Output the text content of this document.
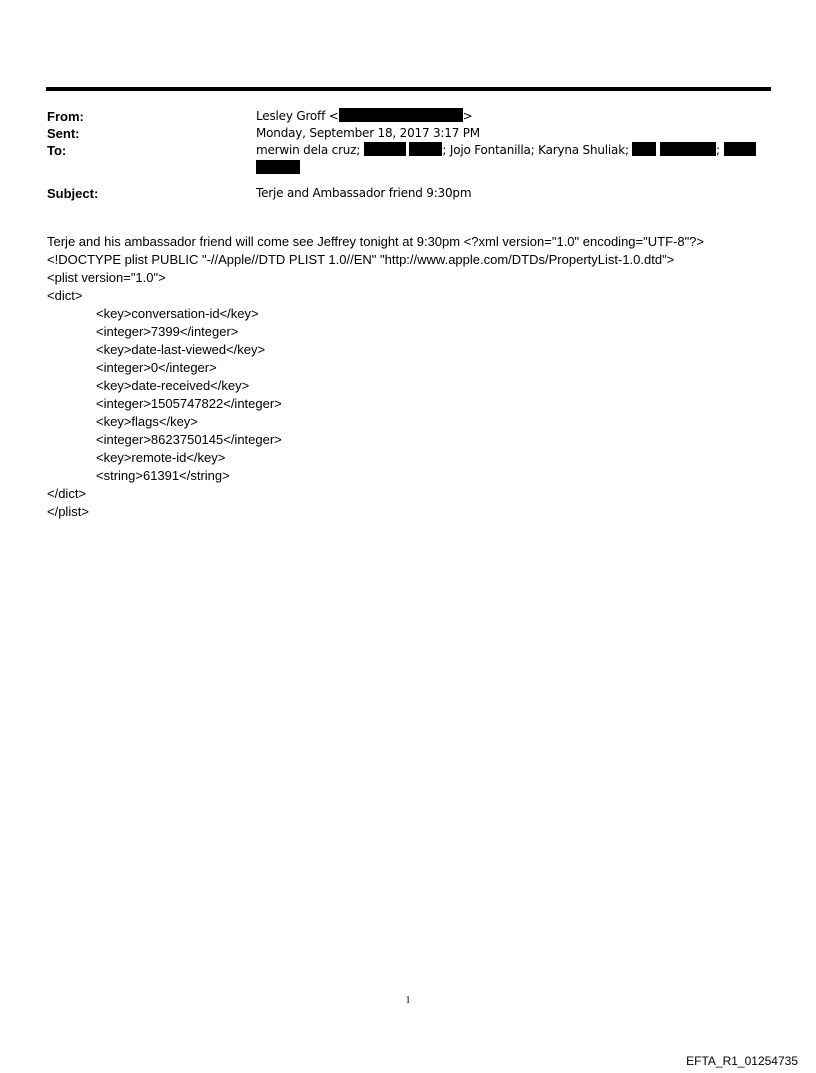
From:	Lesley Groff <	>
Sent:	Monday, September 18, 2017 3:17 PM
To:	merwin dela cruz;	; Jojo Fontanilla; Karyna Shuliak;	;

Subject:	Terje and Ambassador friend 9:30pm
Terje and his ambassador friend will come see Jeffrey tonight at 9:30pm <?xml version="1.0" encoding="UTF-8"?>
<!DOCTYPE plist PUBLIC "-//Apple//DTD PLIST 1.0//EN" "http://www.apple.com/DTDs/PropertyList-1.0.dtd">
<plist version="1.0">
<dict>
<key>conversation-id</key>
<integer>7399</integer>
<key>date-last-viewed</key>
<integer>0</integer>
<key>date-received</key>
<integer>1505747822</integer>
<key>flags</key>
<integer>8623750145</integer>
<key>remote-id</key>
<string>61391</string>
</dict>
</plist>
1
EFTA_R1_01254735
